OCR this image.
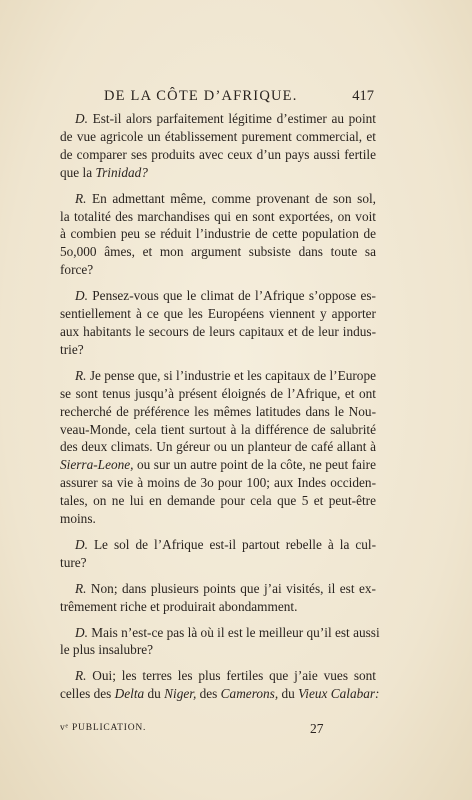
DE LA CÔTE D’AFRIQUE.	417
D. Est-il alors parfaitement légitime d’estimer au point
de vue agricole un établissement purement commercial, et
de comparer ses produits avec ceux d’un pays aussi fertile
que la Trinidad?
R. En admettant même, comme provenant de son sol,
la totalité des marchandises qui en sont exportées, on voit
à combien peu se réduit l’industrie de cette population de
5o,000 âmes, et mon argument subsiste dans toute sa
force?
D. Pensez-vous que le climat de l’Afrique s’oppose es-
sentiellement à ce que les Européens viennent y apporter
aux habitants le secours de leurs capitaux et de leur indus-
trie?
R. Je pense que, si l’industrie et les capitaux de l’Europe
se sont tenus jusqu’à présent éloignés de l’Afrique, et ont
recherché de préférence les mêmes latitudes dans le Nou-
veau-Monde, cela tient surtout à la différence de salubrité
des deux climats. Un géreur ou un planteur de café allant à
Sierra-Leone, ou sur un autre point de la côte, ne peut faire
assurer sa vie à moins de 3o pour 100; aux Indes occiden-
tales, on ne lui en demande pour cela que 5 et peut-être
moins.
D. Le sol de l’Afrique est-il partout rebelle à la cul-
ture?
R. Non; dans plusieurs points que j’ai visités, il est ex-
trêmement riche et produirait abondamment.
D. Mais n’est-ce pas là où il est le meilleur qu’il est aussi
le plus insalubre?
R. Oui; les terres les plus fertiles que j’aie vues sont
celles des Delta du Niger, des Camerons, du Vieux Calabar:
vᵉ PUBLICATION.	27
